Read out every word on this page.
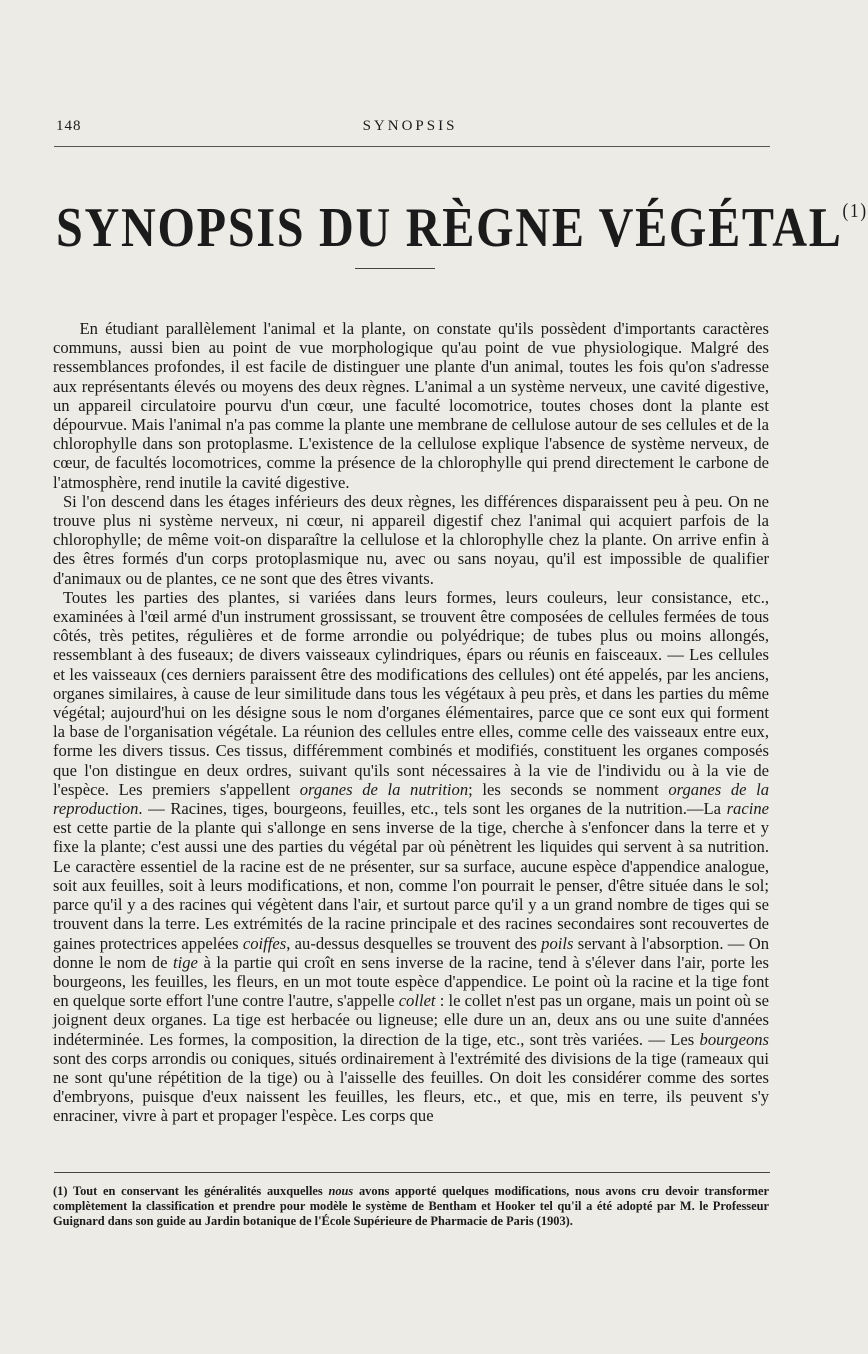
148	SYNOPSIS
SYNOPSIS DU RÈGNE VÉGÉTAL$^{(1)}$

En étudiant parallèlement l'animal et la plante, on constate qu'ils possèdent d'importants caractères communs, aussi bien au point de vue morphologique qu'au point de vue physiologique. Malgré des ressemblances profondes, il est facile de distinguer une plante d'un animal, toutes les fois qu'on s'adresse aux représentants élevés ou moyens des deux règnes. L'animal a un système nerveux, une cavité digestive, un appareil circulatoire pourvu d'un cœur, une faculté locomotrice, toutes choses dont la plante est dépourvue. Mais l'animal n'a pas comme la plante une membrane de cellulose autour de ses cellules et de la chlorophylle dans son protoplasme. L'existence de la cellulose explique l'absence de système nerveux, de cœur, de facultés locomotrices, comme la présence de la chlorophylle qui prend directement le carbone de l'atmosphère, rend inutile la cavité digestive.

Si l'on descend dans les étages inférieurs des deux règnes, les différences disparaissent peu à peu. On ne trouve plus ni système nerveux, ni cœur, ni appareil digestif chez l'animal qui acquiert parfois de la chlorophylle; de même voit-on disparaître la cellulose et la chlorophylle chez la plante. On arrive enfin à des êtres formés d'un corps protoplasmique nu, avec ou sans noyau, qu'il est impossible de qualifier d'animaux ou de plantes, ce ne sont que des êtres vivants.

Toutes les parties des plantes, si variées dans leurs formes, leurs couleurs, leur consistance, etc., examinées à l'œil armé d'un instrument grossissant, se trouvent être composées de cellules fermées de tous côtés, très petites, régulières et de forme arrondie ou polyédrique; de tubes plus ou moins allongés, ressemblant à des fuseaux; de divers vaisseaux cylindriques, épars ou réunis en faisceaux. — Les cellules et les vaisseaux (ces derniers paraissent être des modifications des cellules) ont été appelés, par les anciens, organes similaires, à cause de leur similitude dans tous les végétaux à peu près, et dans les parties du même végétal; aujourd'hui on les désigne sous le nom d'organes élémentaires, parce que ce sont eux qui forment la base de l'organisation végétale. La réunion des cellules entre elles, comme celle des vaisseaux entre eux, forme les divers tissus. Ces tissus, différemment combinés et modifiés, constituent les organes composés que l'on distingue en deux ordres, suivant qu'ils sont nécessaires à la vie de l'individu ou à la vie de l'espèce. Les premiers s'appellent organes de la nutrition; les seconds se nomment organes de la reproduction. — Racines, tiges, bourgeons, feuilles, etc., tels sont les organes de la nutrition.—La racine est cette partie de la plante qui s'allonge en sens inverse de la tige, cherche à s'enfoncer dans la terre et y fixe la plante; c'est aussi une des parties du végétal par où pénètrent les liquides qui servent à sa nutrition. Le caractère essentiel de la racine est de ne présenter, sur sa surface, aucune espèce d'appendice analogue, soit aux feuilles, soit à leurs modifications, et non, comme l'on pourrait le penser, d'être située dans le sol; parce qu'il y a des racines qui végètent dans l'air, et surtout parce qu'il y a un grand nombre de tiges qui se trouvent dans la terre. Les extrémités de la racine principale et des racines secondaires sont recouvertes de gaines protectrices appelées coiffes, au-dessus desquelles se trouvent des poils servant à l'absorption. — On donne le nom de tige à la partie qui croît en sens inverse de la racine, tend à s'élever dans l'air, porte les bourgeons, les feuilles, les fleurs, en un mot toute espèce d'appendice. Le point où la racine et la tige font en quelque sorte effort l'une contre l'autre, s'appelle collet : le collet n'est pas un organe, mais un point où se joignent deux organes. La tige est herbacée ou ligneuse; elle dure un an, deux ans ou une suite d'années indéterminée. Les formes, la composition, la direction de la tige, etc., sont très variées. — Les bourgeons sont des corps arrondis ou coniques, situés ordinairement à l'extrémité des divisions de la tige (rameaux qui ne sont qu'une répétition de la tige) ou à l'aisselle des feuilles. On doit les considérer comme des sortes d'embryons, puisque d'eux naissent les feuilles, les fleurs, etc., et que, mis en terre, ils peuvent s'y enraciner, vivre à part et propager l'espèce. Les corps que

(1) Tout en conservant les généralités auxquelles nous avons apporté quelques modifications, nous avons cru devoir transformer complètement la classification et prendre pour modèle le système de Bentham et Hooker tel qu'il a été adopté par M. le Professeur Guignard dans son guide au Jardin botanique de l'École Supérieure de Pharmacie de Paris (1903).
